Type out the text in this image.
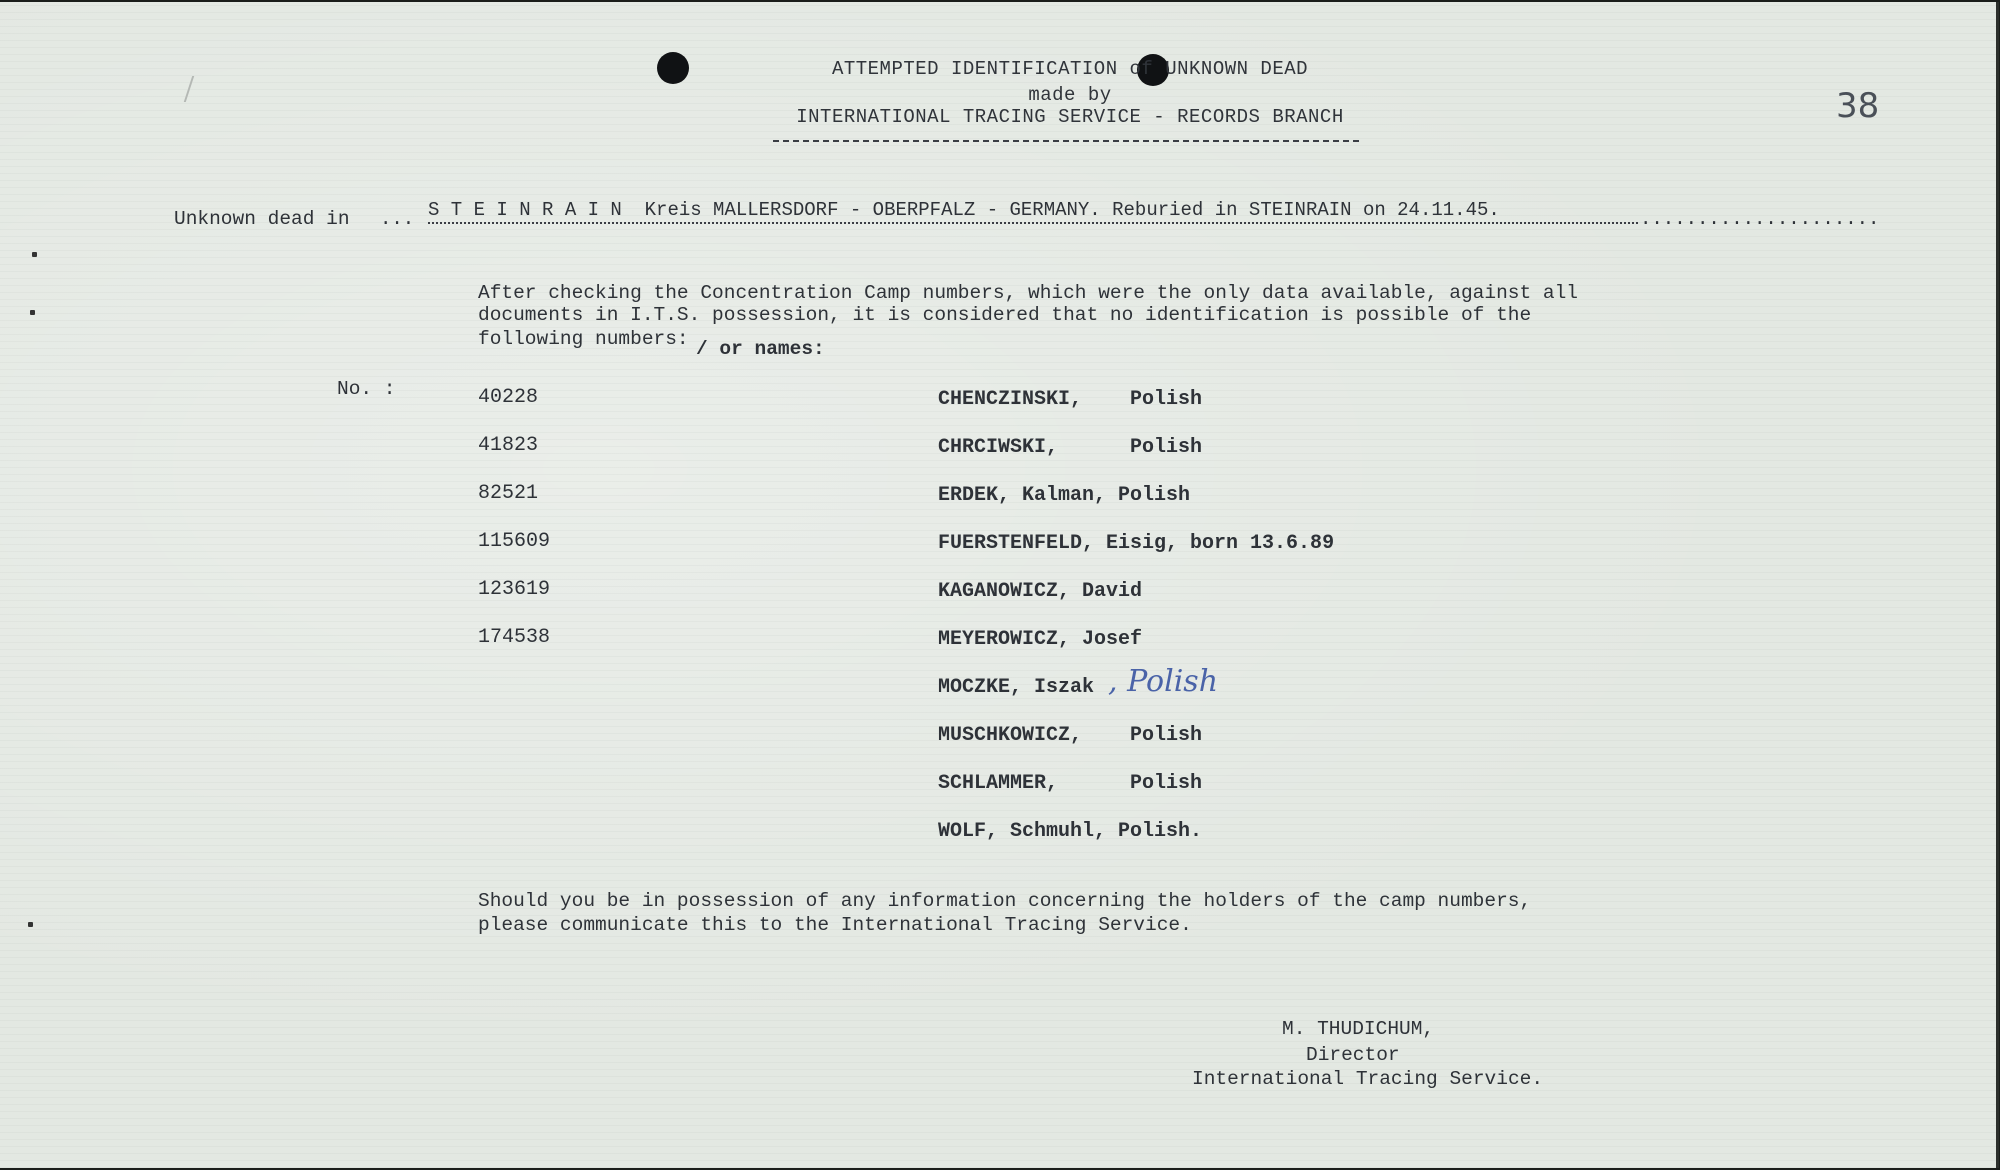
ATTEMPTED IDENTIFICATION of UNKNOWN DEAD
made by
INTERNATIONAL TRACING SERVICE - RECORDS BRANCH	38
Unknown dead in ... S T E I N R A I N  Kreis MALLERSDORF - OBERPFALZ - GERMANY. Reburied in STEINRAIN on 24.11.45.	.....................
After checking the Concentration Camp numbers, which were the only data available, against all
documents in I.T.S. possession, it is considered that no identification is possible of the
following numbers: / or names:
No. :	40228	CHENCZINSKI, Polish
41823	CHRCIWSKI,	Polish
82521	ERDEK, Kalman, Polish
115609	FUERSTENFELD, Eisig, born 13.6.89
123619	KAGANOWICZ, David
174538	MEYEROWICZ, Josef
MOCZKE, Iszak , Polish
MUSCHKOWICZ, Polish
SCHLAMMER,	Polish
WOLF, Schmuhl, Polish.
Should you be in possession of any information concerning the holders of the camp numbers,
please communicate this to the International Tracing Service.
M. THUDICHUM,
Director
International Tracing Service.
